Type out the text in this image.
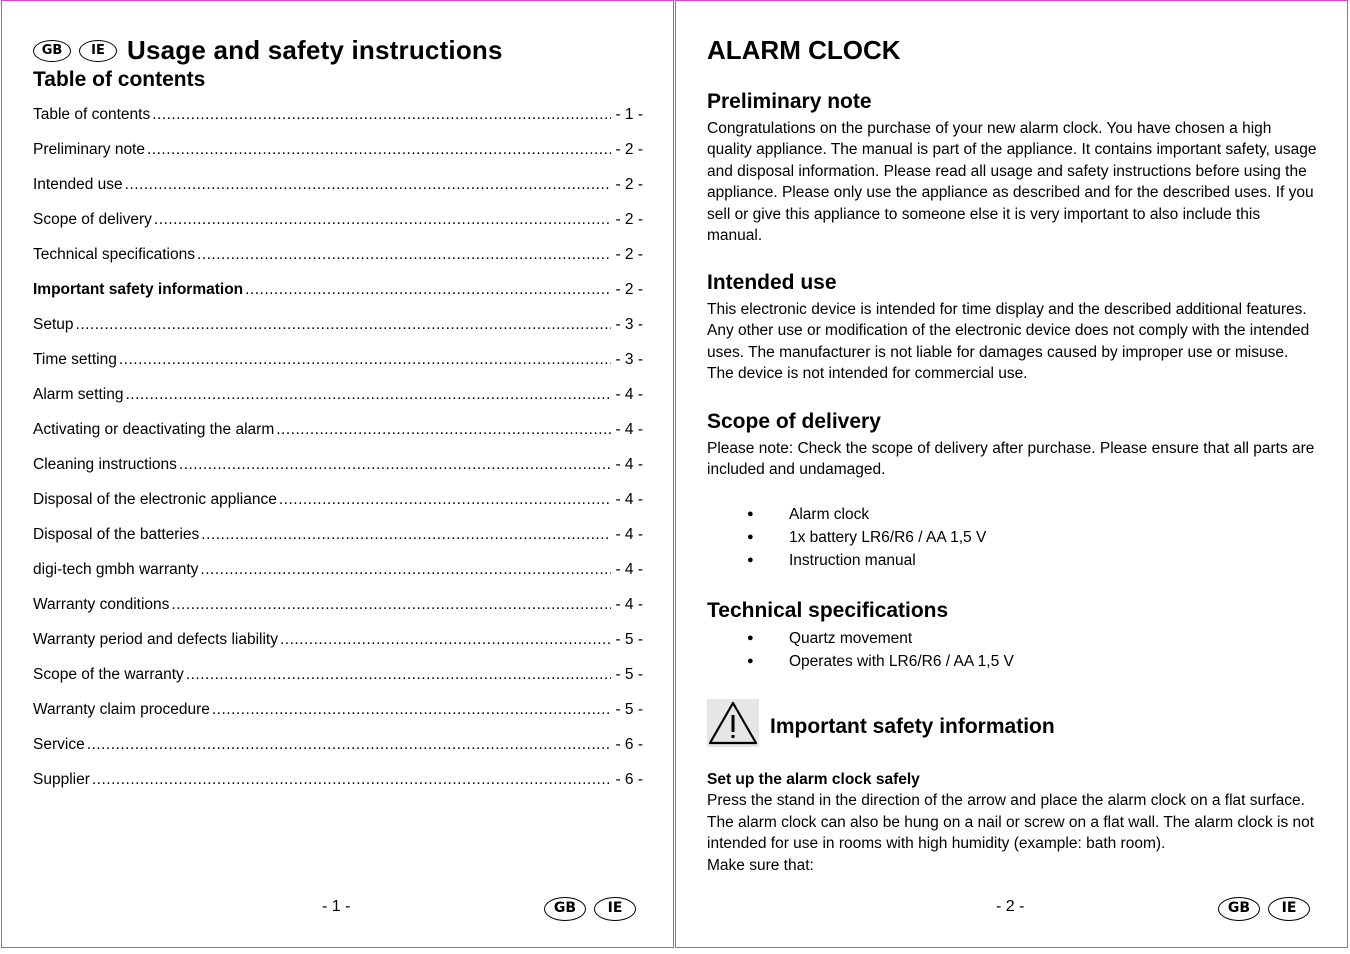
GB	IE Usage and safety instructions
Table of contents
Table of contents .....	- 1 -
Preliminary note .....	- 2 -
Intended use .....	- 2 -
Scope of delivery .....	- 2 -
Technical specifications .....	- 2 -
Important safety information .....	- 2 -
Setup .....	- 3 -
Time setting .....	- 3 -
Alarm setting .....	- 4 -
Activating or deactivating the alarm .....	- 4 -
Cleaning instructions .....	- 4 -
Disposal of the electronic appliance .....	- 4 -
Disposal of the batteries .....	- 4 -
digi-tech gmbh warranty .....	- 4 -
Warranty conditions .....	- 4 -
Warranty period and defects liability .....	- 5 -
Scope of the warranty .....	- 5 -
Warranty claim procedure .....	- 5 -
Service .....	- 6 -
Supplier .....	- 6 -
- 1 -	GB	IE
ALARM CLOCK
Preliminary note

Congratulations on the purchase of your new alarm clock. You have chosen a high quality appliance. The manual is part of the appliance. It contains important safety, usage and disposal information. Please read all usage and safety instructions before using the appliance. Please only use the appliance as described and for the described uses. If you sell or give this appliance to someone else it is very important to also include this manual.

Intended use

This electronic device is intended for time display and the described additional features. Any other use or modification of the electronic device does not comply with the intended uses. The manufacturer is not liable for damages caused by improper use or misuse. The device is not intended for commercial use.

Scope of delivery

Please note: Check the scope of delivery after purchase. Please ensure that all parts are included and undamaged.

● Alarm clock
● 1x battery LR6/R6 / AA 1,5 V
● Instruction manual
Technical specifications
● Quartz movement
● Operates with LR6/R6 / AA 1,5 V
Important safety information

Set up the alarm clock safely

Press the stand in the direction of the arrow and place the alarm clock on a flat surface. The alarm clock can also be hung on a nail or screw on a flat wall. The alarm clock is not intended for use in rooms with high humidity (example: bath room).

Make sure that:

- 2 -	GB	IE
